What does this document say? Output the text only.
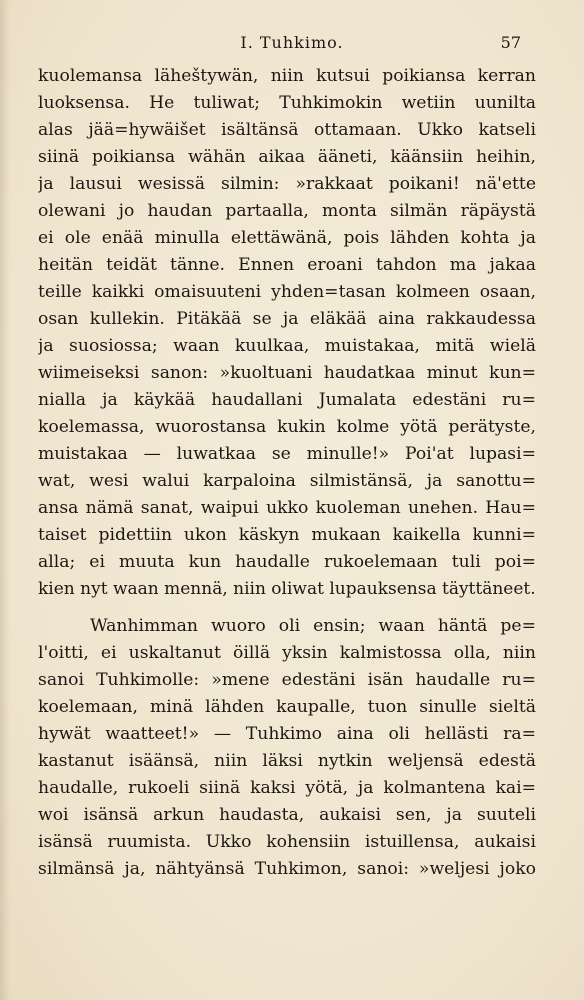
I. Tuhkimo.	57
kuolemansa läheštywän, niin kutsui poikiansa kerran
luoksensa. He tuliwat; Tuhkimokin wetiin uunilta
alas jää=hywäišet isältänsä ottamaan. Ukko katseli
siinä poikiansa wähän aikaa ääneti, käänsiin heihin,
ja lausui wesissä silmin: »rakkaat poikani! nä'ette
olewani jo haudan partaalla, monta silmän räpäystä
ei ole enää minulla elettäwänä, pois lähden kohta ja
heitän teidät tänne. Ennen eroani tahdon ma jakaa
teille kaikki omaisuuteni yhden=tasan kolmeen osaan,
osan kullekin. Pitäkää se ja eläkää aina rakkaudessa
ja suosiossa; waan kuulkaa, muistakaa, mitä wielä
wiimeiseksi sanon: »kuoltuani haudatkaa minut kun=
nialla ja käykää haudallani Jumalata edestäni ru=
koelemassa, wuorostansa kukin kolme yötä perätyste,
muistakaa — luwatkaa se minulle!» Poi'at lupasi=
wat, wesi walui karpaloina silmistänsä, ja sanottu=
ansa nämä sanat, waipui ukko kuoleman unehen. Hau=
taiset pidettiin ukon käskyn mukaan kaikella kunni=
alla; ei muuta kun haudalle rukoelemaan tuli poi=
kien nyt waan mennä, niin oliwat lupauksensa täyttäneet.
Wanhimman wuoro oli ensin; waan häntä pe=
l'oitti, ei uskaltanut öillä yksin kalmistossa olla, niin
sanoi Tuhkimolle: »mene edestäni isän haudalle ru=
koelemaan, minä lähden kaupalle, tuon sinulle sieltä
hywät waatteet!» — Tuhkimo aina oli hellästi ra=
kastanut isäänsä, niin läksi nytkin weljensä edestä
haudalle, rukoeli siinä kaksi yötä, ja kolmantena kai=
woi isänsä arkun haudasta, aukaisi sen, ja suuteli
isänsä ruumista. Ukko kohensiin istuillensa, aukaisi
silmänsä ja, nähtyänsä Tuhkimon, sanoi: »weljesi joko
